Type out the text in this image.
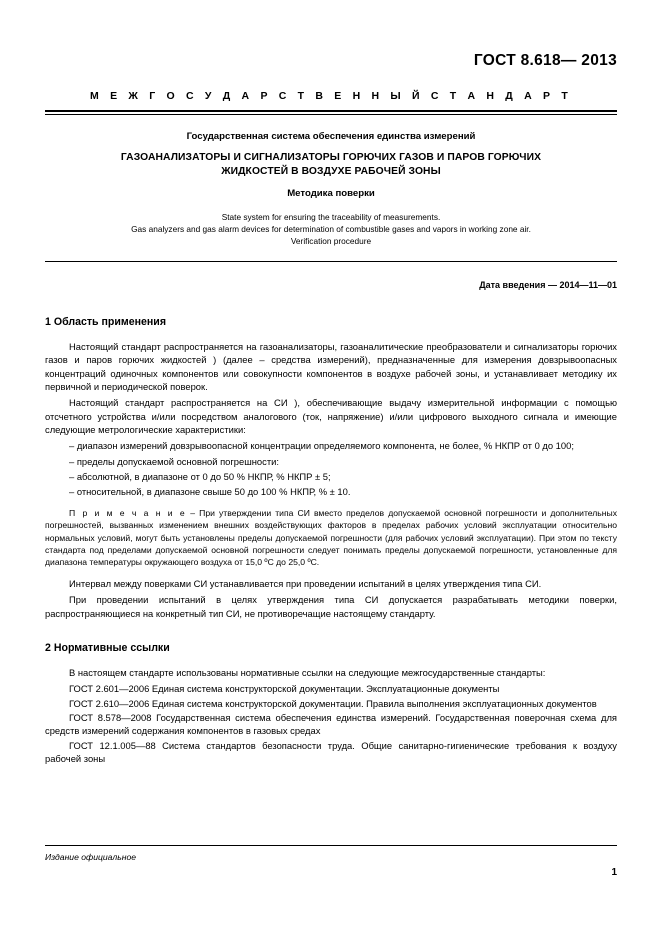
ГОСТ 8.618— 2013
М Е Ж Г О С У Д А Р С Т В Е Н Н Ы Й С Т А Н Д А Р Т
Государственная система обеспечения единства измерений
ГАЗОАНАЛИЗАТОРЫ И СИГНАЛИЗАТОРЫ ГОРЮЧИХ ГАЗОВ И ПАРОВ ГОРЮЧИХ
ЖИДКОСТЕЙ В ВОЗДУХЕ РАБОЧЕЙ ЗОНЫ
Методика поверки
State system for ensuring the traceability of measurements.
Gas analyzers and gas alarm devices for determination of combustible gases and vapors in working zone air.
Verification procedure
Дата введения — 2014—11—01
1 Область применения

Настоящий стандарт распространяется на газоанализаторы, газоаналитические преобразователи и сигнализаторы горючих газов и паров горючих жидкостей ) (далее – средства измерений), предназначенные для измерения довзрывоопасных концентраций одиночных компонентов или совокупности компонентов в воздухе рабочей зоны, и устанавливает методику их первичной и периодической поверок.

Настоящий стандарт распространяется на СИ ), обеспечивающие выдачу измерительной информации с помощью отсчетного устройства и/или посредством аналогового (ток, напряжение) и/или цифрового выходного сигнала и имеющие следующие метрологические характеристики:

– диапазон измерений довзрывоопасной концентрации определяемого компонента, не более, % НКПР от 0 до 100;

– пределы допускаемой основной погрешности:

– абсолютной, в диапазоне от 0 до 50 % НКПР, % НКПР ± 5;

– относительной, в диапазоне свыше 50 до 100 % НКПР, % ± 10.

П р и м е ч а н и е – При утверждении типа СИ вместо пределов допускаемой основной погрешности и дополнительных погрешностей, вызванных изменением внешних воздействующих факторов в пределах рабочих условий эксплуатации относительно нормальных условий, могут быть установлены пределы допускаемой погрешности (для рабочих условий эксплуатации). При этом по тексту стандарта под пределами допускаемой основной погрешности следует понимать пределы допускаемой погрешности, установленные для диапазона температуры окружающего воздуха от 15,0 ºС до 25,0 ºС.

Интервал между поверками СИ устанавливается при проведении испытаний в целях утверждения типа СИ.

При проведении испытаний в целях утверждения типа СИ допускается разрабатывать методики поверки, распространяющиеся на конкретный тип СИ, не противоречащие настоящему стандарту.

2 Нормативные ссылки

В настоящем стандарте использованы нормативные ссылки на следующие межгосударственные стандарты:

ГОСТ 2.601—2006 Единая система конструкторской документации. Эксплуатационные документы

ГОСТ 2.610—2006 Единая система конструкторской документации. Правила выполнения эксплуатационных документов

ГОСТ 8.578—2008 Государственная система обеспечения единства измерений. Государственная поверочная схема для средств измерений содержания компонентов в газовых средах

ГОСТ 12.1.005—88 Система стандартов безопасности труда. Общие санитарно-гигиенические требования к воздуху рабочей зоны

Издание официальное
1
